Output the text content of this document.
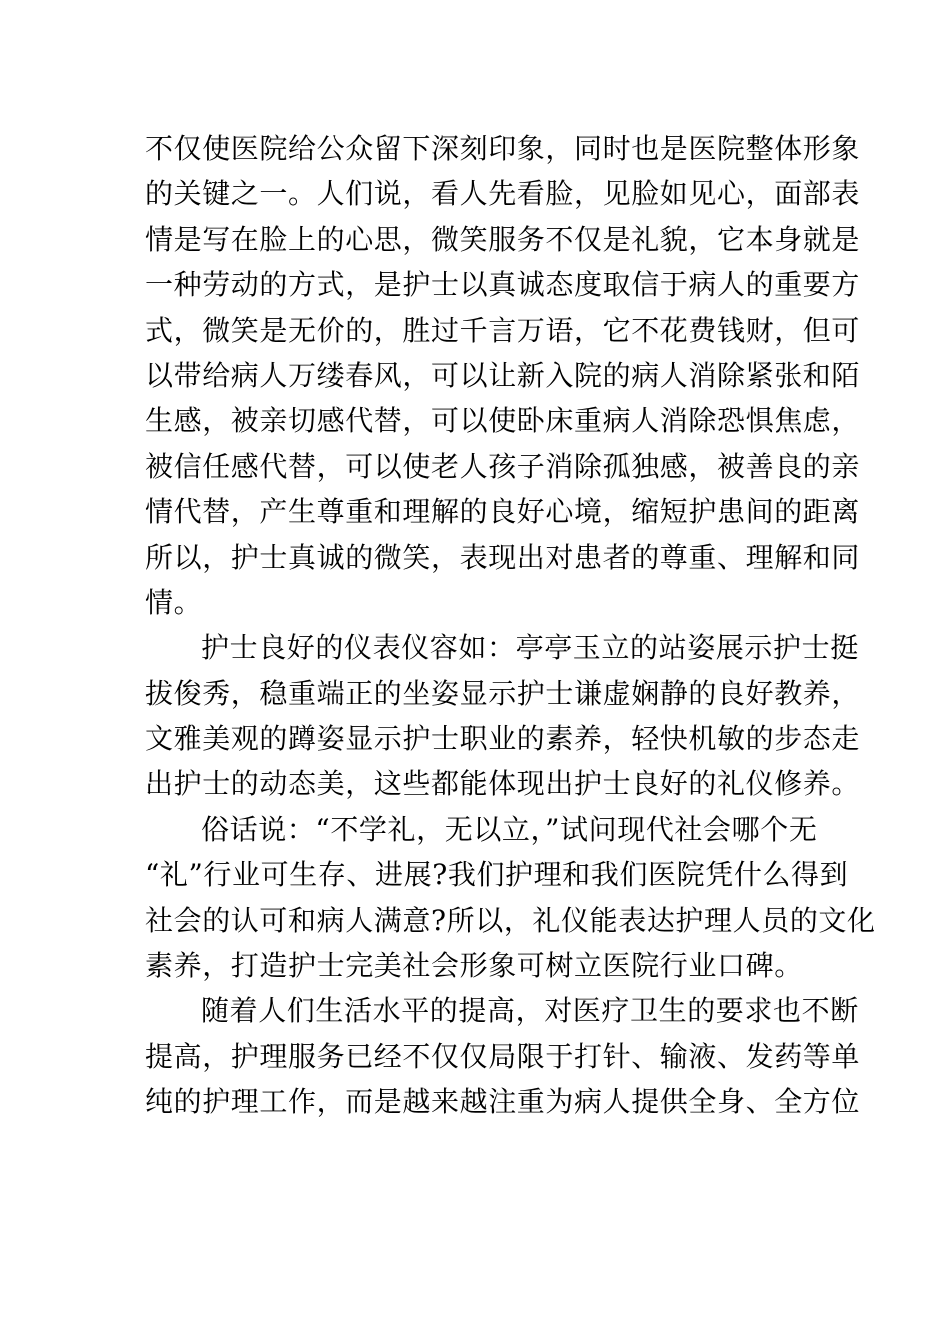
不仅使医院给公众留下深刻印象，同时也是医院整体形象
的关键之一。人们说，看人先看脸，见脸如见心，面部表
情是写在脸上的心思，微笑服务不仅是礼貌，它本身就是
一种劳动的方式，是护士以真诚态度取信于病人的重要方
式，微笑是无价的，胜过千言万语，它不花费钱财，但可
以带给病人万缕春风，可以让新入院的病人消除紧张和陌
生感，被亲切感代替，可以使卧床重病人消除恐惧焦虑，
被信任感代替，可以使老人孩子消除孤独感，被善良的亲
情代替，产生尊重和理解的良好心境，缩短护患间的距离
所以，护士真诚的微笑，表现出对患者的尊重、理解和同
情。
护士良好的仪表仪容如：亭亭玉立的站姿展示护士挺
拔俊秀，稳重端正的坐姿显示护士谦虚娴静的良好教养，
文雅美观的蹲姿显示护士职业的素养，轻快机敏的步态走
出护士的动态美，这些都能体现出护士良好的礼仪修养。
俗话说：“不学礼，无以立，”试问现代社会哪个无
“礼”行业可生存、进展?我们护理和我们医院凭什么得到
社会的认可和病人满意?所以，礼仪能表达护理人员的文化
素养，打造护士完美社会形象可树立医院行业口碑。
随着人们生活水平的提高，对医疗卫生的要求也不断
提高，护理服务已经不仅仅局限于打针、输液、发药等单
纯的护理工作，而是越来越注重为病人提供全身、全方位
